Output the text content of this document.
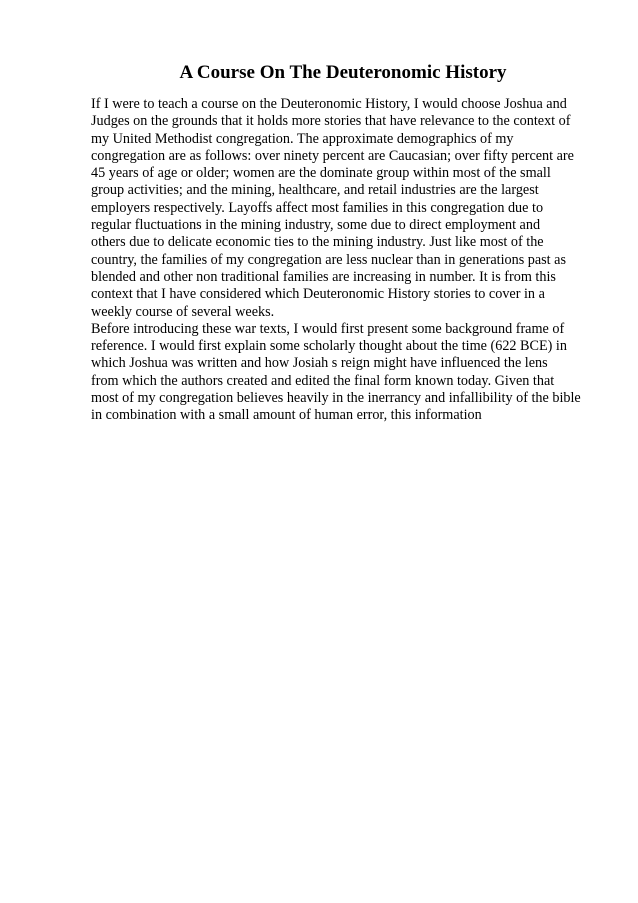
A Course On The Deuteronomic History

If I were to teach a course on the Deuteronomic History, I would choose Joshua and
Judges on the grounds that it holds more stories that have relevance to the context of
my United Methodist congregation. The approximate demographics of my
congregation are as follows: over ninety percent are Caucasian; over fifty percent are
45 years of age or older; women are the dominate group within most of the small
group activities; and the mining, healthcare, and retail industries are the largest
employers respectively. Layoffs affect most families in this congregation due to
regular fluctuations in the mining industry, some due to direct employment and
others due to delicate economic ties to the mining industry. Just like most of the
country, the families of my congregation are less nuclear than in generations past as
blended and other non traditional families are increasing in number. It is from this
context that I have considered which Deuteronomic History stories to cover in a
weekly course of several weeks.

Before introducing these war texts, I would first present some background frame of
reference. I would first explain some scholarly thought about the time (622 BCE) in
which Joshua was written and how Josiah s reign might have influenced the lens
from which the authors created and edited the final form known today. Given that
most of my congregation believes heavily in the inerrancy and infallibility of the bible
in combination with a small amount of human error, this information
